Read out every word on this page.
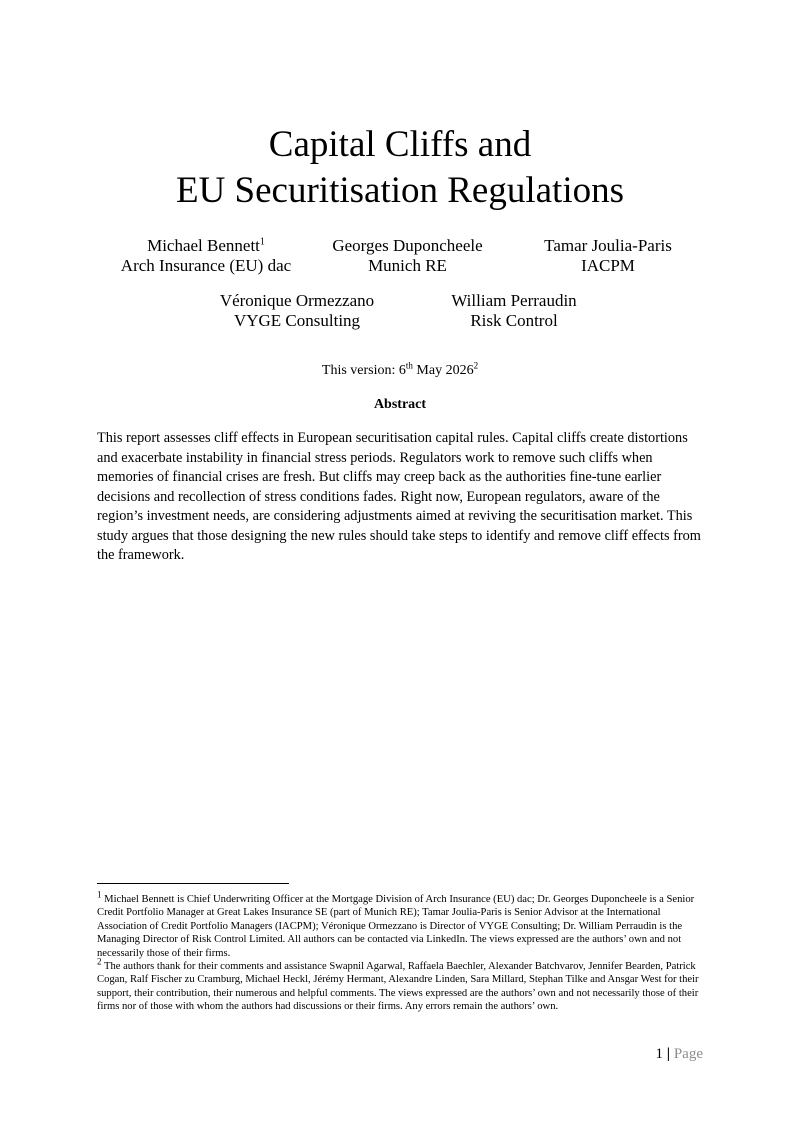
Capital Cliffs and
EU Securitisation Regulations
Michael Bennett$^1$
Arch Insurance (EU) dac
Georges Duponcheele
Munich RE
Tamar Joulia-Paris
IACPM
Véronique Ormezzano
VYGE Consulting
William Perraudin
Risk Control
This version: 6th May 2026$^2$
Abstract

This report assesses cliff effects in European securitisation capital rules. Capital cliffs create distortions and exacerbate instability in financial stress periods. Regulators work to remove such cliffs when memories of financial crises are fresh. But cliffs may creep back as the authorities fine-tune earlier decisions and recollection of stress conditions fades. Right now, European regulators, aware of the region’s investment needs, are considering adjustments aimed at reviving the securitisation market. This study argues that those designing the new rules should take steps to identify and remove cliff effects from the framework.

$^1$ Michael Bennett is Chief Underwriting Officer at the Mortgage Division of Arch Insurance (EU) dac; Dr. Georges Duponcheele is a Senior Credit Portfolio Manager at Great Lakes Insurance SE (part of Munich RE); Tamar Joulia-Paris is Senior Advisor at the International Association of Credit Portfolio Managers (IACPM); Véronique Ormezzano is Director of VYGE Consulting; Dr. William Perraudin is the Managing Director of Risk Control Limited. All authors can be contacted via LinkedIn. The views expressed are the authors’ own and not necessarily those of their firms.

$^2$ The authors thank for their comments and assistance Swapnil Agarwal, Raffaela Baechler, Alexander Batchvarov, Jennifer Bearden, Patrick Cogan, Ralf Fischer zu Cramburg, Michael Heckl, Jérémy Hermant, Alexandre Linden, Sara Millard, Stephan Tilke and Ansgar West for their support, their contribution, their numerous and helpful comments. The views expressed are the authors’ own and not necessarily those of their firms nor of those with whom the authors had discussions or their firms. Any errors remain the authors’ own.

1 | Page
